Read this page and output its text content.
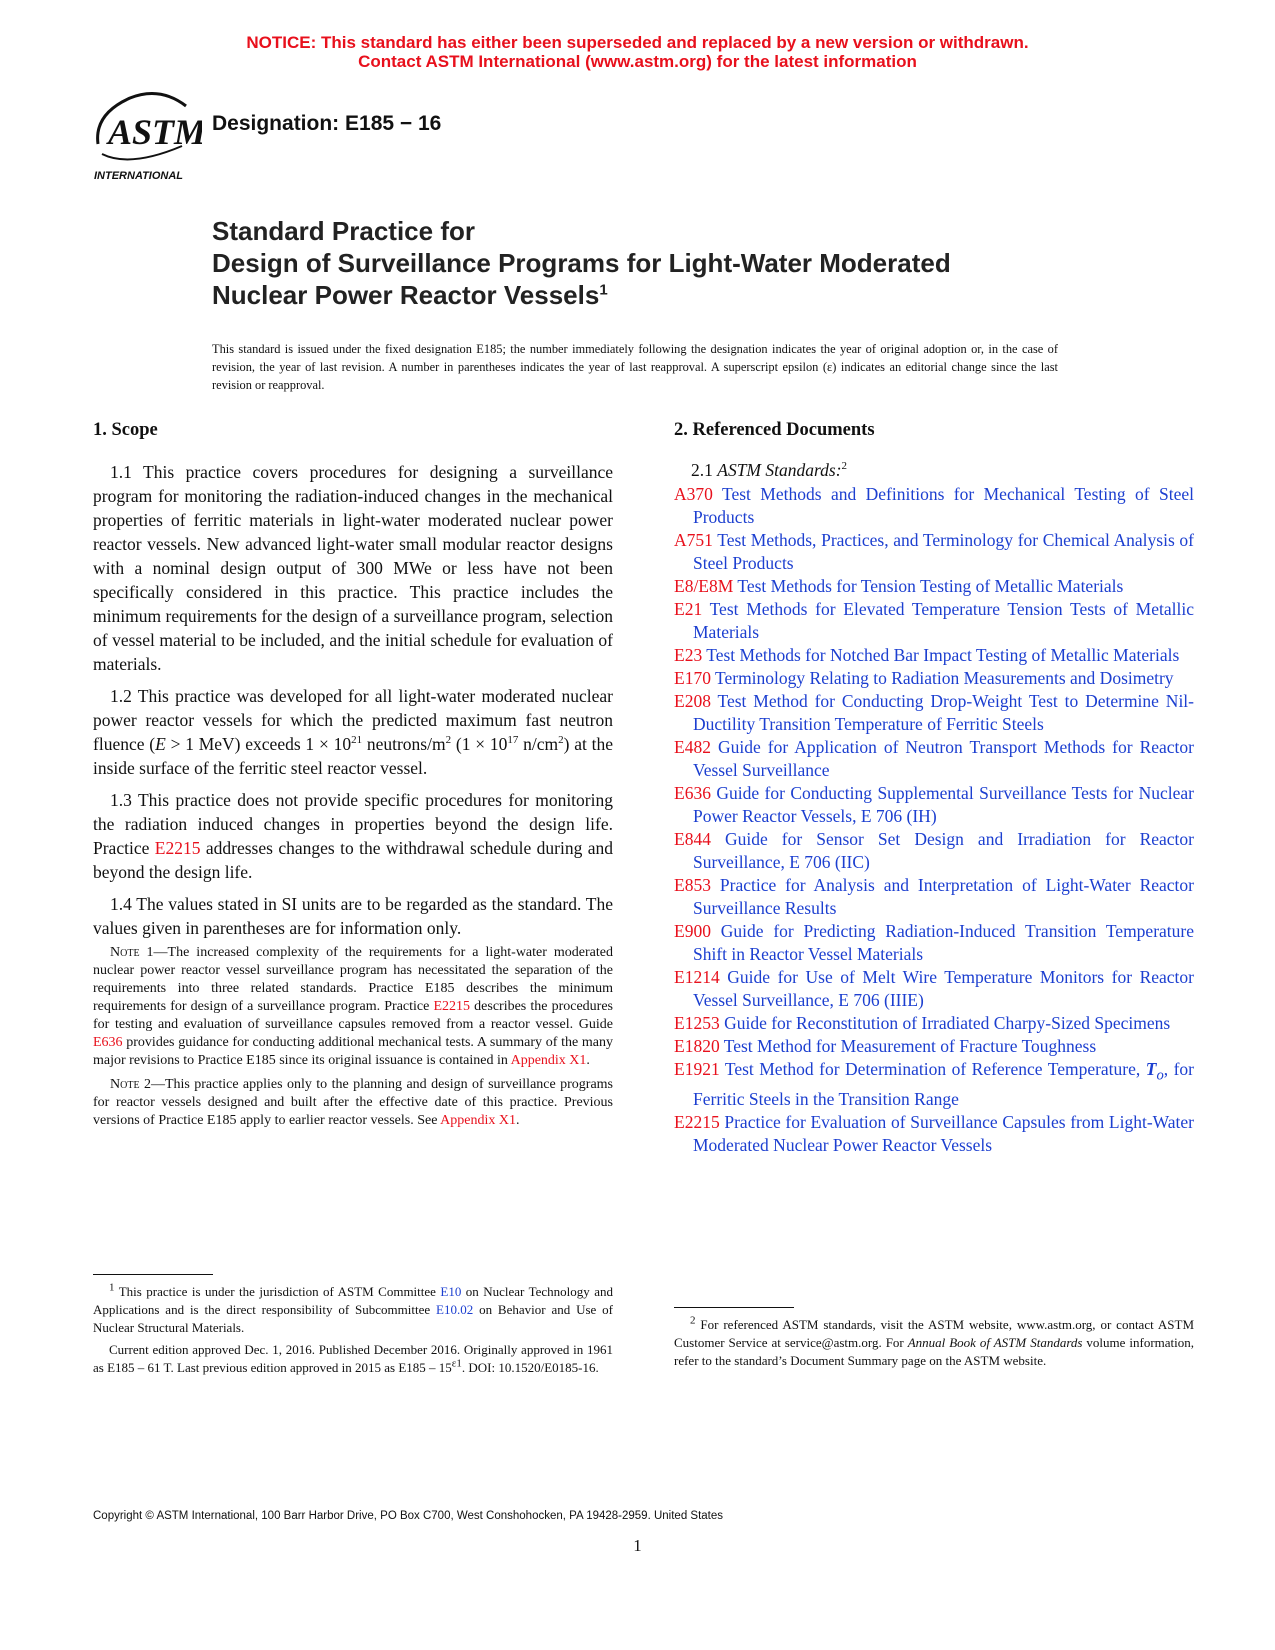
NOTICE: This standard has either been superseded and replaced by a new version or withdrawn.
Contact ASTM International (www.astm.org) for the latest information
ASTM
INTERNATIONAL
Designation: E185 − 16
Standard Practice for
Design of Surveillance Programs for Light-Water Moderated
Nuclear Power Reactor Vessels$^1$
This standard is issued under the fixed designation E185; the number immediately following the designation indicates the year of original adoption or, in the case of revision, the year of last revision. A number in parentheses indicates the year of last reapproval. A superscript epsilon (ε) indicates an editorial change since the last revision or reapproval.
1. Scope

1.1 This practice covers procedures for designing a surveillance program for monitoring the radiation-induced changes in the mechanical properties of ferritic materials in light-water moderated nuclear power reactor vessels. New advanced light-water small modular reactor designs with a nominal design output of 300 MWe or less have not been specifically considered in this practice. This practice includes the minimum requirements for the design of a surveillance program, selection of vessel material to be included, and the initial schedule for evaluation of materials.

1.2 This practice was developed for all light-water moderated nuclear power reactor vessels for which the predicted maximum fast neutron fluence (E > 1 MeV) exceeds $1 \times 10^{21}$ neutrons/$m^2$ ($1 \times 10^{17}$ $n/cm^2$) at the inside surface of the ferritic steel reactor vessel.

1.3 This practice does not provide specific procedures for monitoring the radiation induced changes in properties beyond the design life. Practice E2215 addresses changes to the withdrawal schedule during and beyond the design life.

1.4 The values stated in SI units are to be regarded as the standard. The values given in parentheses are for information only.

Note 1—The increased complexity of the requirements for a light-water moderated nuclear power reactor vessel surveillance program has necessitated the separation of the requirements into three related standards. Practice E185 describes the minimum requirements for design of a surveillance program. Practice E2215 describes the procedures for testing and evaluation of surveillance capsules removed from a reactor vessel. Guide E636 provides guidance for conducting additional mechanical tests. A summary of the many major revisions to Practice E185 since its original issuance is contained in Appendix X1.

Note 2—This practice applies only to the planning and design of surveillance programs for reactor vessels designed and built after the effective date of this practice. Previous versions of Practice E185 apply to earlier reactor vessels. See Appendix X1.

$^1$ This practice is under the jurisdiction of ASTM Committee E10 on Nuclear Technology and Applications and is the direct responsibility of Subcommittee E10.02 on Behavior and Use of Nuclear Structural Materials.
Current edition approved Dec. 1, 2016. Published December 2016. Originally approved in 1961 as E185 – 61 T. Last previous edition approved in 2015 as $E185 - 15^{\varepsilon 1}$. DOI: 10.1520/E0185-16.
2. Referenced Documents
2.1 ASTM Standards:$^2$

A370 Test Methods and Definitions for Mechanical Testing of Steel Products

A751 Test Methods, Practices, and Terminology for Chemical Analysis of Steel Products

E8/E8M Test Methods for Tension Testing of Metallic Materials

E21 Test Methods for Elevated Temperature Tension Tests of Metallic Materials

E23 Test Methods for Notched Bar Impact Testing of Metallic Materials

E170 Terminology Relating to Radiation Measurements and Dosimetry

E208 Test Method for Conducting Drop-Weight Test to Determine Nil-Ductility Transition Temperature of Ferritic Steels

E482 Guide for Application of Neutron Transport Methods for Reactor Vessel Surveillance

E636 Guide for Conducting Supplemental Surveillance Tests for Nuclear Power Reactor Vessels, E 706 (IH)

E844 Guide for Sensor Set Design and Irradiation for Reactor Surveillance, E 706 (IIC)

E853 Practice for Analysis and Interpretation of Light-Water Reactor Surveillance Results

E900 Guide for Predicting Radiation-Induced Transition Temperature Shift in Reactor Vessel Materials

E1214 Guide for Use of Melt Wire Temperature Monitors for Reactor Vessel Surveillance, E 706 (IIIE)

E1253 Guide for Reconstitution of Irradiated Charpy-Sized Specimens

E1820 Test Method for Measurement of Fracture Toughness

E1921 Test Method for Determination of Reference Temperature, $T_o$, for Ferritic Steels in the Transition Range

E2215 Practice for Evaluation of Surveillance Capsules from Light-Water Moderated Nuclear Power Reactor Vessels

$^2$ For referenced ASTM standards, visit the ASTM website, www.astm.org, or contact ASTM Customer Service at service@astm.org. For Annual Book of ASTM Standards volume information, refer to the standard’s Document Summary page on the ASTM website.
Copyright © ASTM International, 100 Barr Harbor Drive, PO Box C700, West Conshohocken, PA 19428-2959. United States
1
